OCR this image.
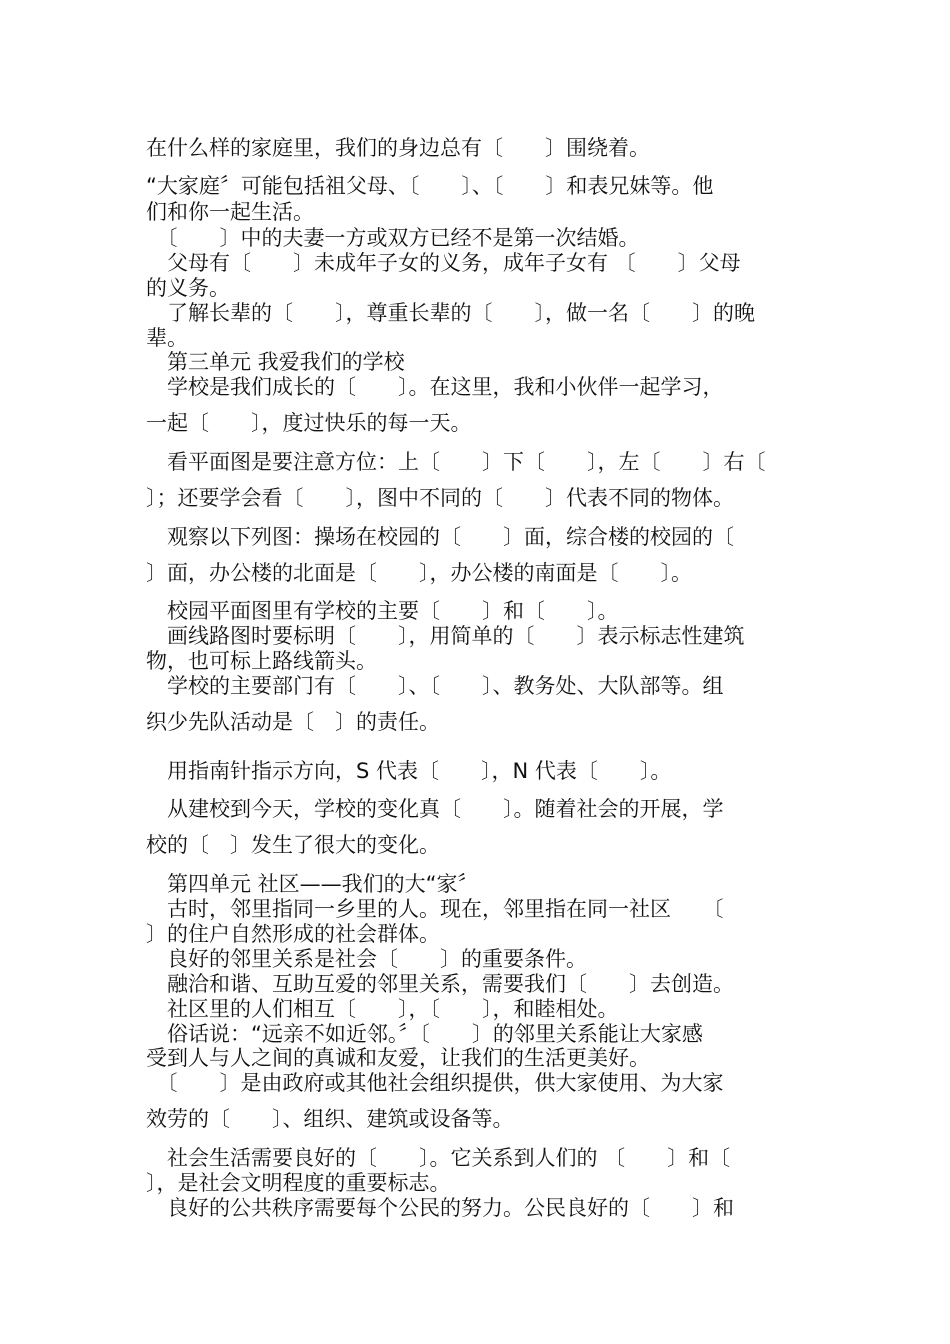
在什么样的家庭里，我们的身边总有〔　　〕围绕着。
“大家庭〞可能包括祖父母、〔　　〕、〔　　〕和表兄妹等。他
们和你一起生活。
　〔　　〕中的夫妻一方或双方已经不是第一次结婚。
　父母有〔　　〕未成年子女的义务，成年子女有 〔　　〕父母
的义务。
　了解长辈的〔　　〕，尊重长辈的〔　　〕，做一名〔　　〕的晚
辈。
　第三单元 我爱我们的学校
　学校是我们成长的〔　　〕。在这里，我和小伙伴一起学习，
一起〔　　〕，度过快乐的每一天。
　看平面图是要注意方位：上〔　　〕下〔　　〕，左〔　　〕右〔
〕；还要学会看〔　　〕，图中不同的〔　　〕代表不同的物体。
　观察以下列图：操场在校园的〔　　〕面，综合楼的校园的〔
〕面，办公楼的北面是〔　　〕，办公楼的南面是〔　　〕。
　校园平面图里有学校的主要〔　　〕和〔　　〕。
　画线路图时要标明〔　　〕，用简单的〔　　〕表示标志性建筑
物，也可标上路线箭头。
　学校的主要部门有〔　　〕、〔　　〕、教务处、大队部等。组
织少先队活动是〔　〕的责任。
　用指南针指示方向，S 代表〔　　〕，N 代表〔　　〕。
　从建校到今天，学校的变化真〔　　〕。随着社会的开展，学
校的〔　〕发生了很大的变化。
　第四单元 社区——我们的大“家〞
　古时，邻里指同一乡里的人。现在，邻里指在同一社区　　〔
〕的住户自然形成的社会群体。
　良好的邻里关系是社会〔　　〕的重要条件。
　融洽和谐、互助互爱的邻里关系，需要我们〔　　〕去创造。
　社区里的人们相互〔　　〕，〔　　〕，和睦相处。
　俗话说：“远亲不如近邻。〞〔　　〕的邻里关系能让大家感
受到人与人之间的真诚和友爱，让我们的生活更美好。
　〔　　〕是由政府或其他社会组织提供，供大家使用、为大家
效劳的〔　　〕、组织、建筑或设备等。
　社会生活需要良好的〔　　〕。它关系到人们的 〔　　〕和〔
〕，是社会文明程度的重要标志。
　良好的公共秩序需要每个公民的努力。公民良好的〔　　〕和
